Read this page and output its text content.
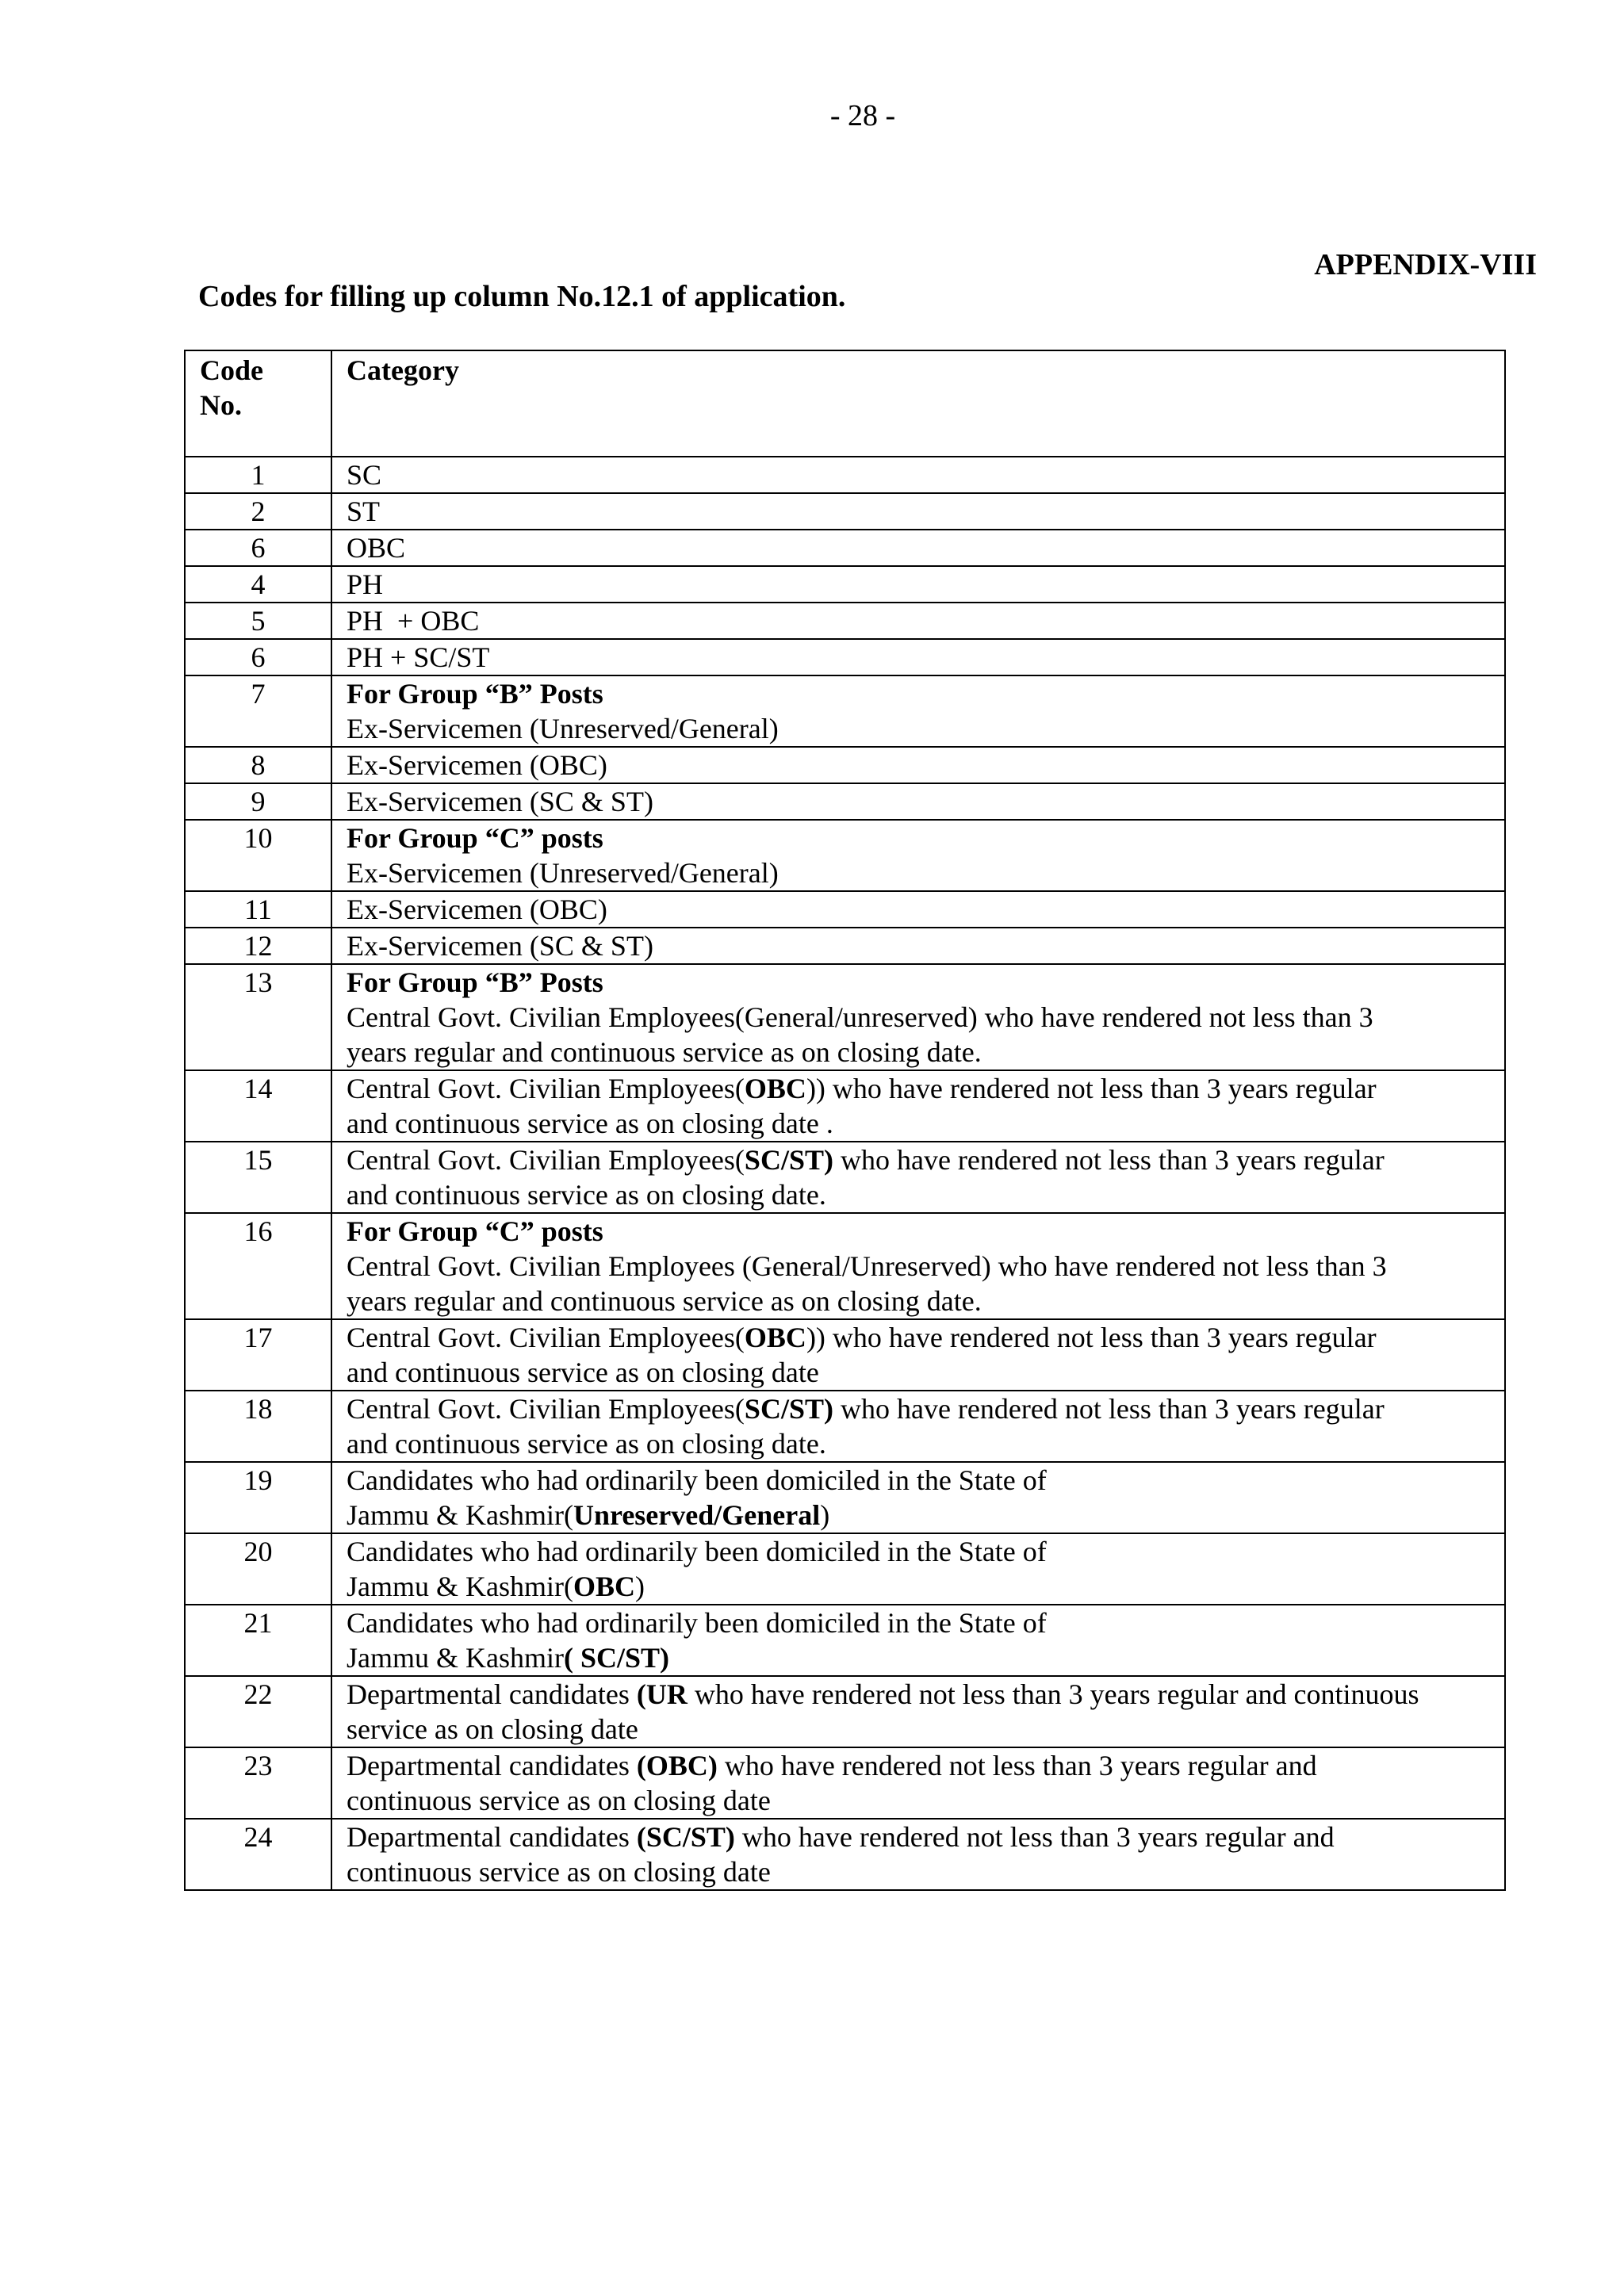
- 28 -
APPENDIX-VIII
Codes for filling up column No.12.1 of application.
Code
No.	Category
1	SC

2	ST

6	OBC

4	PH

5	PH  + OBC

6	PH + SC/ST

7	For Group “B” Posts
Ex-Servicemen (Unreserved/General)

8	Ex-Servicemen (OBC)

9	Ex-Servicemen (SC & ST)

10	For Group “C” posts
Ex-Servicemen (Unreserved/General)

11	Ex-Servicemen (OBC)

12	Ex-Servicemen (SC & ST)

13	For Group “B” Posts
Central Govt. Civilian Employees(General/unreserved) who have rendered not less than 3
years regular and continuous service as on closing date.

14	Central Govt. Civilian Employees(OBC)) who have rendered not less than 3 years regular
and continuous service as on closing date .

15	Central Govt. Civilian Employees(SC/ST) who have rendered not less than 3 years regular
and continuous service as on closing date.

16	For Group “C” posts
Central Govt. Civilian Employees (General/Unreserved) who have rendered not less than 3
years regular and continuous service as on closing date.

17	Central Govt. Civilian Employees(OBC)) who have rendered not less than 3 years regular
and continuous service as on closing date

18	Central Govt. Civilian Employees(SC/ST) who have rendered not less than 3 years regular
and continuous service as on closing date.

19	Candidates who had ordinarily been domiciled in the State of
Jammu & Kashmir(Unreserved/General)

20	Candidates who had ordinarily been domiciled in the State of
Jammu & Kashmir(OBC)

21	Candidates who had ordinarily been domiciled in the State of
Jammu & Kashmir( SC/ST)

22	Departmental candidates (UR who have rendered not less than 3 years regular and continuous
service as on closing date

23	Departmental candidates (OBC) who have rendered not less than 3 years regular and
continuous service as on closing date

24	Departmental candidates (SC/ST) who have rendered not less than 3 years regular and
continuous service as on closing date
